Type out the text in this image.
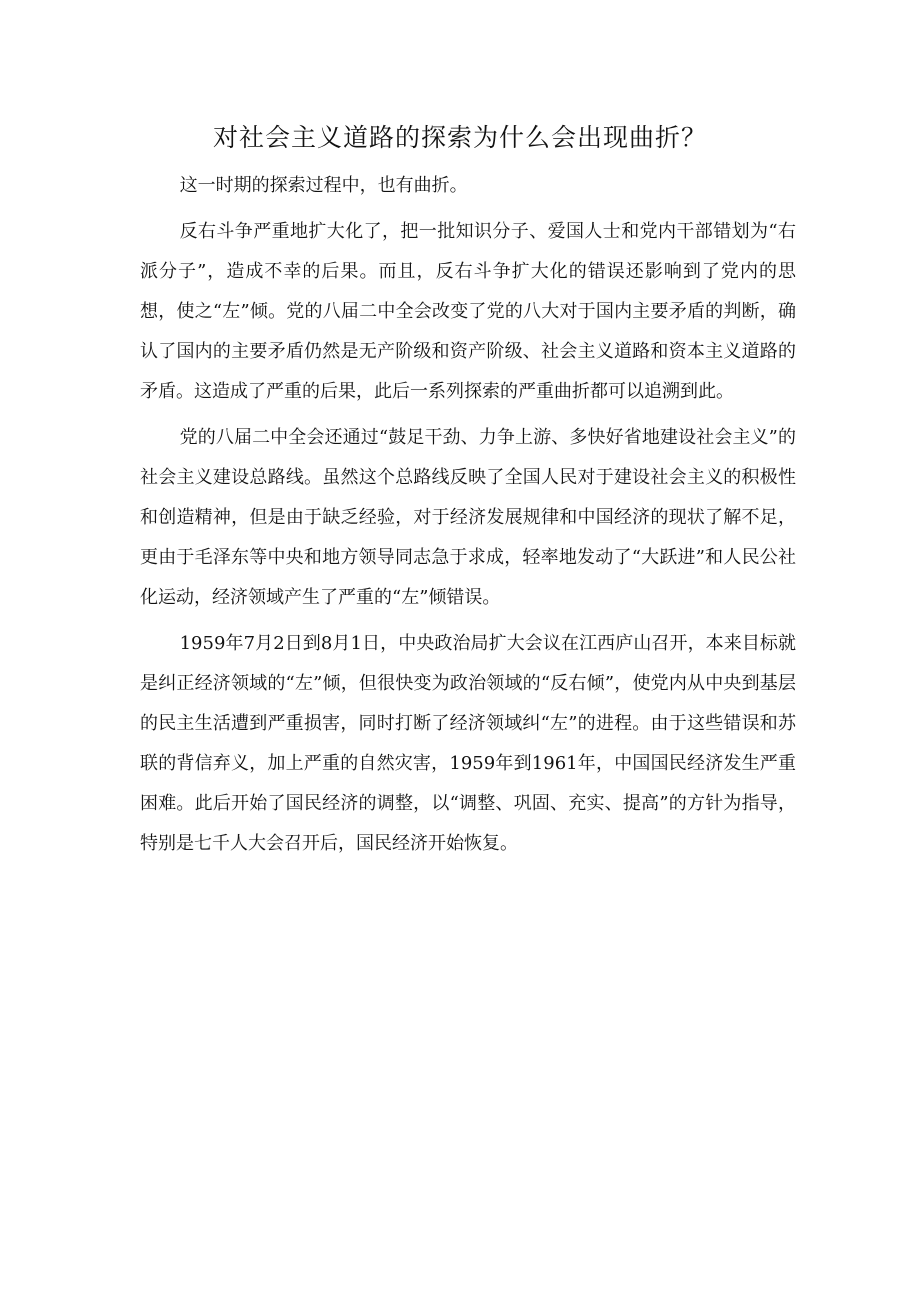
对社会主义道路的探索为什么会出现曲折？

这一时期的探索过程中，也有曲折。

反右斗争严重地扩大化了，把一批知识分子、爱国人士和党内干部错划为“右派分子”，造成不幸的后果。而且，反右斗争扩大化的错误还影响到了党内的思想，使之“左”倾。党的八届二中全会改变了党的八大对于国内主要矛盾的判断，确认了国内的主要矛盾仍然是无产阶级和资产阶级、社会主义道路和资本主义道路的矛盾。这造成了严重的后果，此后一系列探索的严重曲折都可以追溯到此。

党的八届二中全会还通过“鼓足干劲、力争上游、多快好省地建设社会主义”的社会主义建设总路线。虽然这个总路线反映了全国人民对于建设社会主义的积极性和创造精神，但是由于缺乏经验，对于经济发展规律和中国经济的现状了解不足，更由于毛泽东等中央和地方领导同志急于求成，轻率地发动了“大跃进”和人民公社化运动，经济领域产生了严重的“左”倾错误。

1959年7月2日到8月1日，中央政治局扩大会议在江西庐山召开，本来目标就是纠正经济领域的“左”倾，但很快变为政治领域的“反右倾”，使党内从中央到基层的民主生活遭到严重损害，同时打断了经济领域纠“左”的进程。由于这些错误和苏联的背信弃义，加上严重的自然灾害，1959年到1961年，中国国民经济发生严重困难。此后开始了国民经济的调整，以“调整、巩固、充实、提高”的方针为指导，特别是七千人大会召开后，国民经济开始恢复。
